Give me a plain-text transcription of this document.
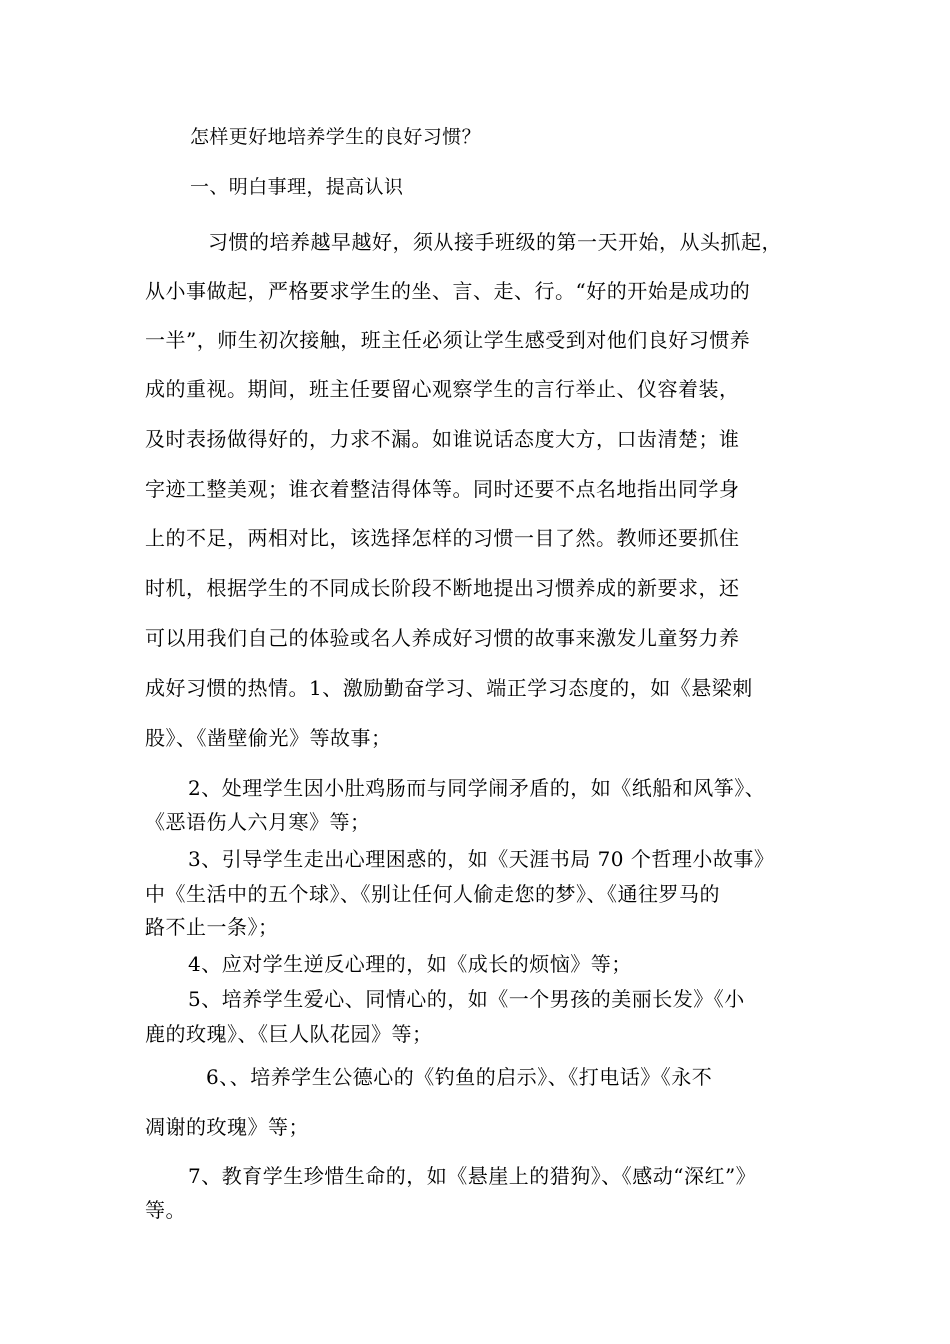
怎样更好地培养学生的良好习惯？

一、明白事理，提高认识

习惯的培养越早越好，须从接手班级的第一天开始，从头抓起，

从小事做起，严格要求学生的坐、言、走、行。“好的开始是成功的

一半”，师生初次接触，班主任必须让学生感受到对他们良好习惯养

成的重视。期间，班主任要留心观察学生的言行举止、仪容着装，

及时表扬做得好的，力求不漏。如谁说话态度大方，口齿清楚；谁

字迹工整美观；谁衣着整洁得体等。同时还要不点名地指出同学身

上的不足，两相对比，该选择怎样的习惯一目了然。教师还要抓住

时机，根据学生的不同成长阶段不断地提出习惯养成的新要求，还

可以用我们自己的体验或名人养成好习惯的故事来激发儿童努力养

成好习惯的热情。1、激励勤奋学习、端正学习态度的，如《悬梁刺

股》、《凿壁偷光》等故事；

2、处理学生因小肚鸡肠而与同学闹矛盾的，如《纸船和风筝》、

《恶语伤人六月寒》等；

3、引导学生走出心理困惑的，如《天涯书局 70 个哲理小故事》

中《生活中的五个球》、《别让任何人偷走您的梦》、《通往罗马的

路不止一条》；

4、应对学生逆反心理的，如《成长的烦恼》等；

5、培养学生爱心、同情心的，如《一个男孩的美丽长发》《小

鹿的玫瑰》、《巨人队花园》等；

6、、培养学生公德心的《钓鱼的启示》、《打电话》《永不

凋谢的玫瑰》等；

7、教育学生珍惜生命的，如《悬崖上的猎狗》、《感动“深红”》

等。
